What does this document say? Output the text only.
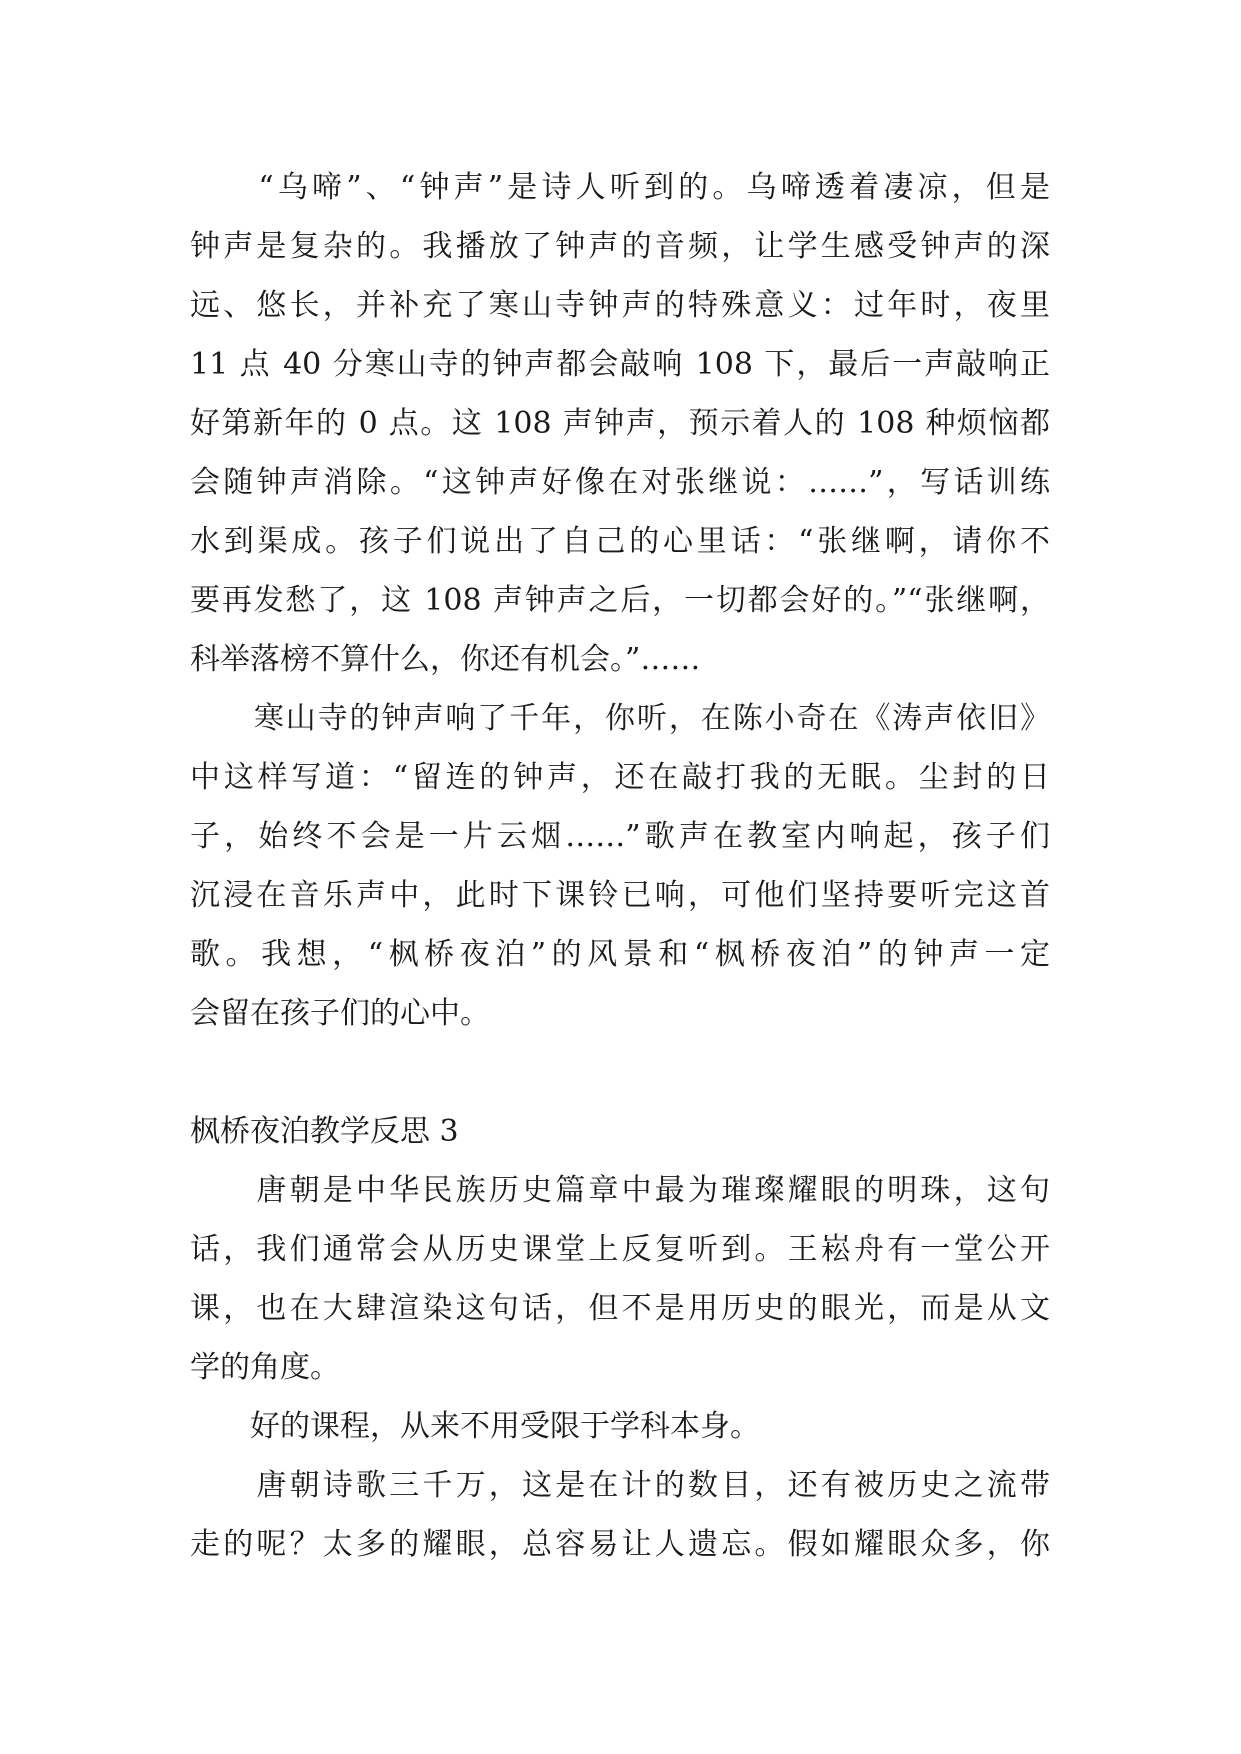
　　“乌啼”、“钟声”是诗人听到的。乌啼透着凄凉，但是
钟声是复杂的。我播放了钟声的音频，让学生感受钟声的深
远、悠长，并补充了寒山寺钟声的特殊意义：过年时，夜里
11 点 40 分寒山寺的钟声都会敲响 108 下，最后一声敲响正
好第新年的 0 点。这 108 声钟声，预示着人的 108 种烦恼都
会随钟声消除。“这钟声好像在对张继说：……”，写话训练
水到渠成。孩子们说出了自己的心里话：“张继啊，请你不
要再发愁了，这 108 声钟声之后，一切都会好的。”“张继啊，
科举落榜不算什么，你还有机会。”……
　　寒山寺的钟声响了千年，你听，在陈小奇在《涛声依旧》
中这样写道：“留连的钟声，还在敲打我的无眠。尘封的日
子，始终不会是一片云烟……”歌声在教室内响起，孩子们
沉浸在音乐声中，此时下课铃已响，可他们坚持要听完这首
歌。我想，“枫桥夜泊”的风景和“枫桥夜泊”的钟声一定
会留在孩子们的心中。
枫桥夜泊教学反思 3
　　唐朝是中华民族历史篇章中最为璀璨耀眼的明珠，这句
话，我们通常会从历史课堂上反复听到。王崧舟有一堂公开
课，也在大肆渲染这句话，但不是用历史的眼光，而是从文
学的角度。
　　好的课程，从来不用受限于学科本身。
　　唐朝诗歌三千万，这是在计的数目，还有被历史之流带
走的呢？太多的耀眼，总容易让人遗忘。假如耀眼众多，你
